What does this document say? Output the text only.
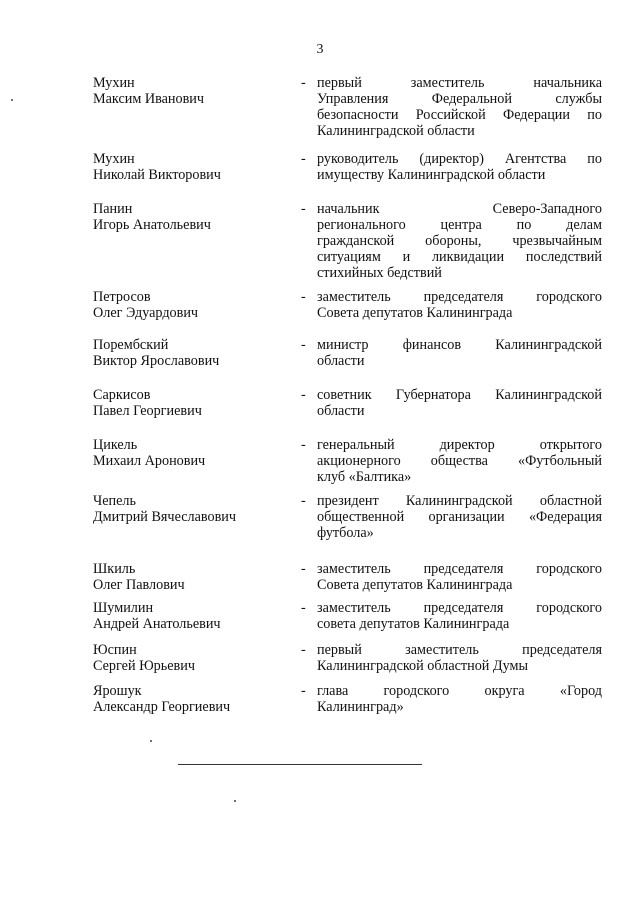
3
Мухин
Максим Иванович
- первый заместитель начальника
Управления Федеральной службы
безопасности Российской Федерации по
Калининградской области
Мухин
Николай Викторович
- руководитель (директор) Агентства по
имуществу Калининградской области
Панин
Игорь Анатольевич
- начальник Северо-Западного
регионального центра по делам
гражданской обороны, чрезвычайным
ситуациям и ликвидации последствий
стихийных бедствий
Петросов
Олег Эдуардович
- заместитель председателя городского
Совета депутатов Калининграда
Порембский
Виктор Ярославович
- министр финансов Калининградской
области
Саркисов
Павел Георгиевич
- советник Губернатора Калининградской
области
Цикель
Михаил Аронович
- генеральный директор открытого
акционерного общества «Футбольный
клуб «Балтика»
Чепель
Дмитрий Вячеславович
- президент Калининградской областной
общественной организации «Федерация
футбола»
Шкиль
Олег Павлович
- заместитель председателя городского
Совета депутатов Калининграда
Шумилин
Андрей Анатольевич
- заместитель председателя городского
совета депутатов Калининграда
Юспин
Сергей Юрьевич
- первый заместитель председателя
Калининградской областной Думы
Ярошук
Александр Георгиевич
- глава городского округа «Город
Калининград»
